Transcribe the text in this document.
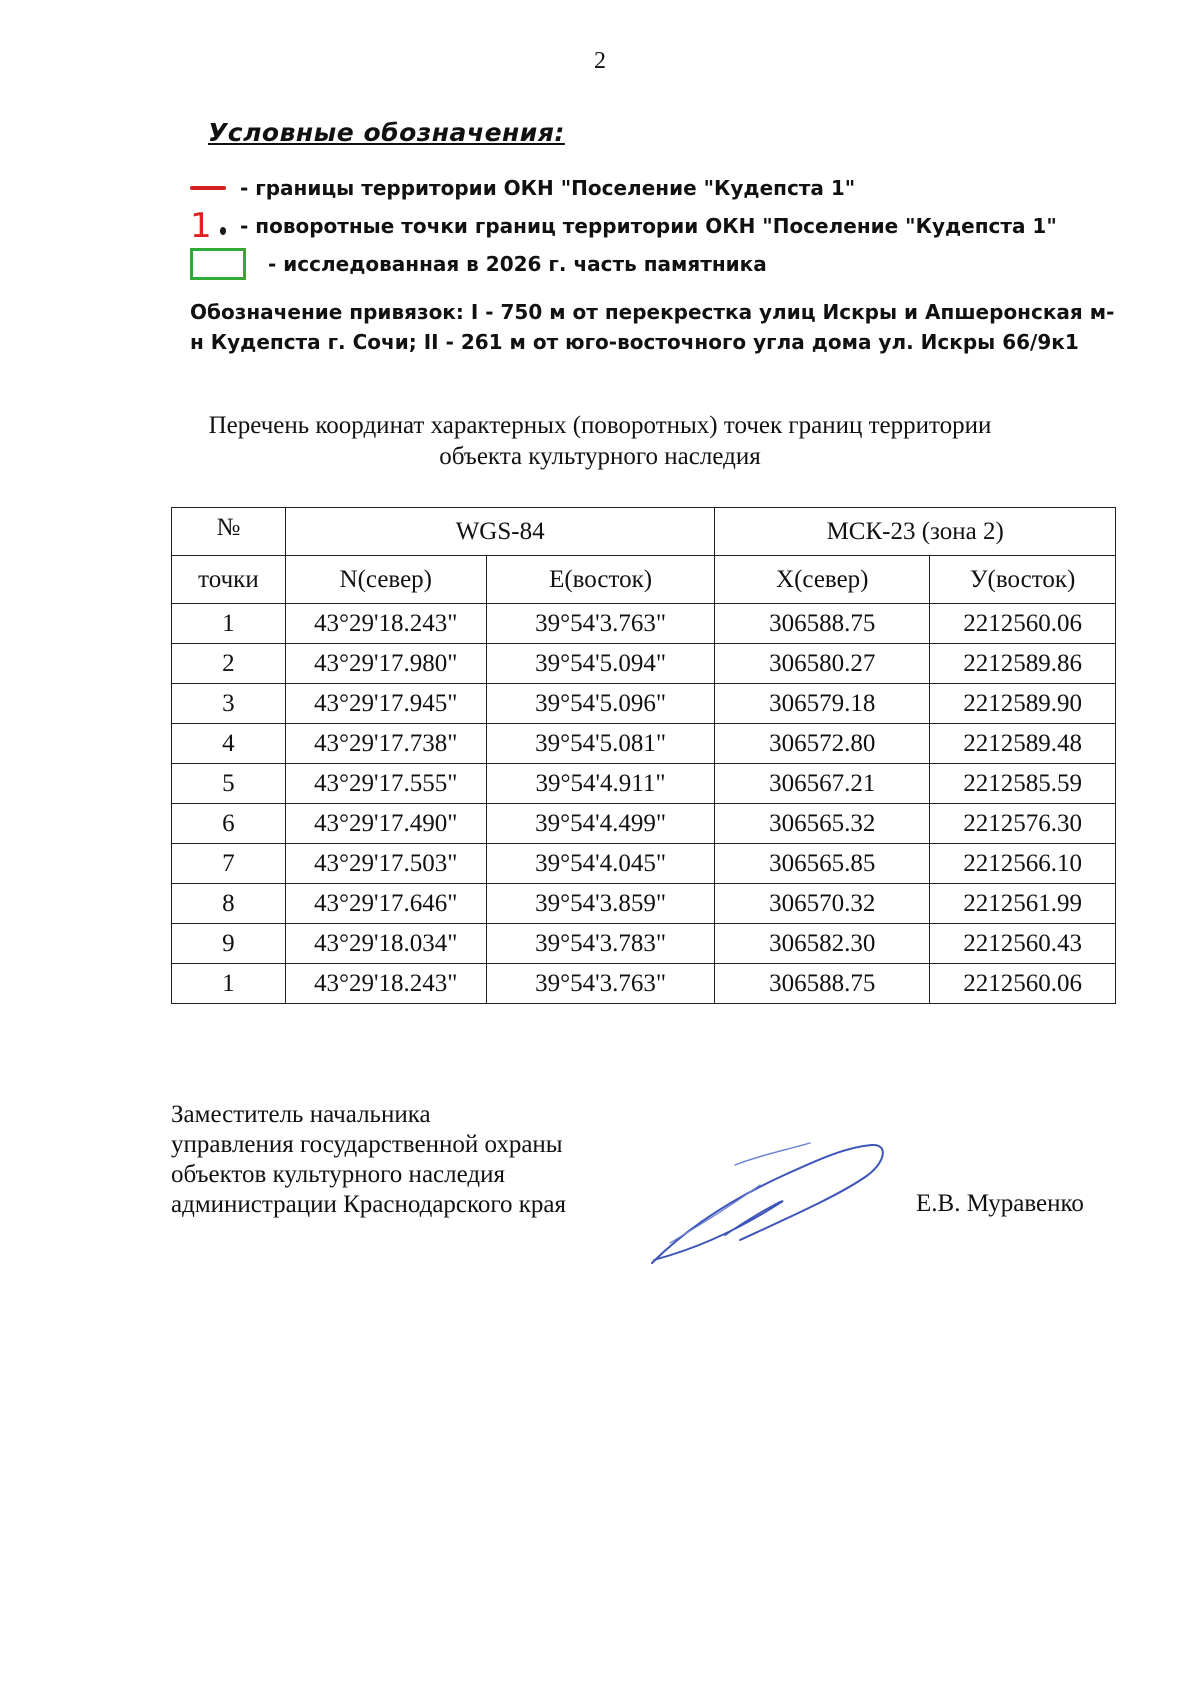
2
Условные обозначения:
- границы территории ОКН "Поселение "Кудепста 1"
1 - поворотные точки границ территории ОКН "Поселение "Кудепста 1"
- исследованная в 2026 г. часть памятника
Обозначение привязок: I - 750 м от перекрестка улиц Искры и Апшеронская м-н Кудепста г. Сочи; II - 261 м от юго-восточного угла дома ул. Искры 66/9к1
Перечень координат характерных (поворотных) точек границ территории
объекта культурного наследия
№	WGS-84		МСК-23 (зона 2)	
точки	N(север)	Е(восток)	Х(север)	У(восток)
1	43°29'18.243"	39°54'3.763"	306588.75	2212560.06
2	43°29'17.980"	39°54'5.094"	306580.27	2212589.86
3	43°29'17.945"	39°54'5.096"	306579.18	2212589.90
4	43°29'17.738"	39°54'5.081"	306572.80	2212589.48
5	43°29'17.555"	39°54'4.911"	306567.21	2212585.59
6	43°29'17.490"	39°54'4.499"	306565.32	2212576.30
7	43°29'17.503"	39°54'4.045"	306565.85	2212566.10
8	43°29'17.646"	39°54'3.859"	306570.32	2212561.99
9	43°29'18.034"	39°54'3.783"	306582.30	2212560.43
1	43°29'18.243"	39°54'3.763"	306588.75	2212560.06
Заместитель начальника
управления государственной охраны
объектов культурного наследия
администрации Краснодарского края	Е.В. Муравенко
